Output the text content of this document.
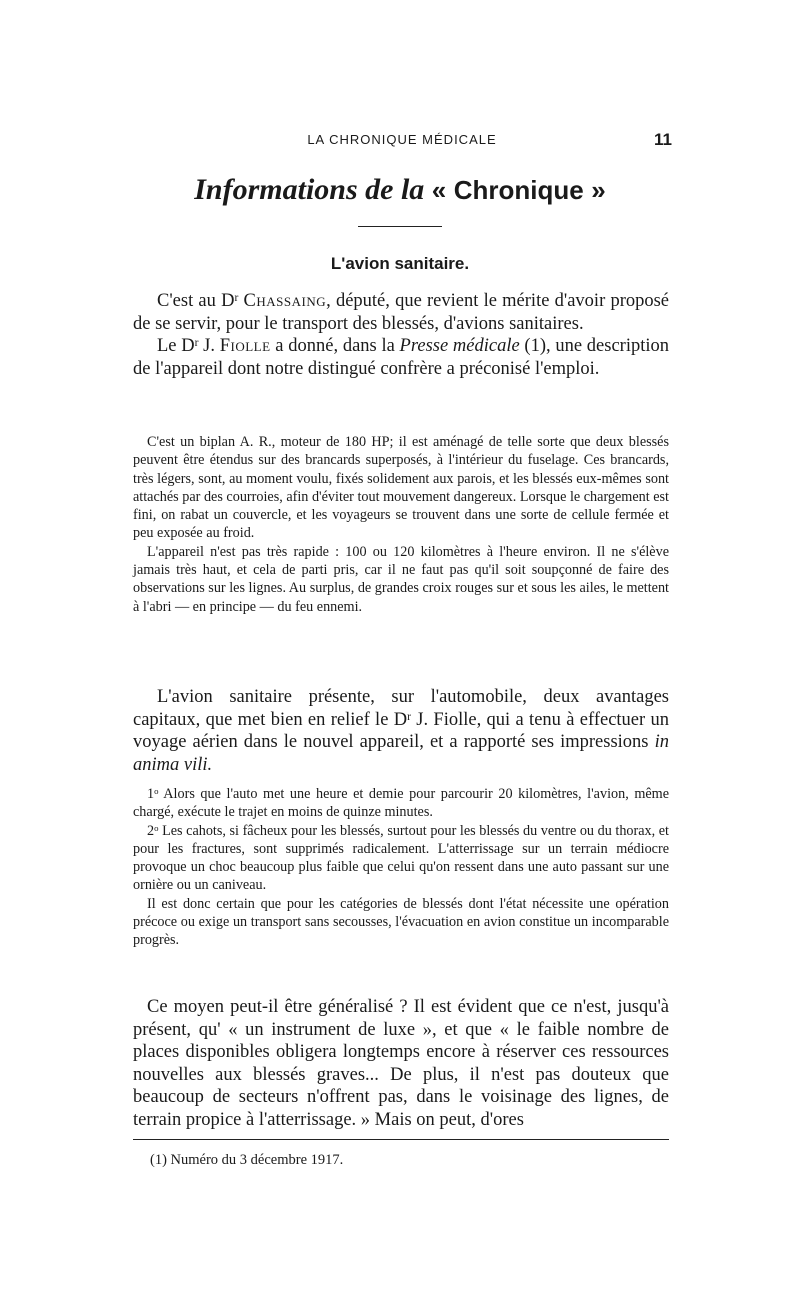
LA CHRONIQUE MÉDICALE	11
Informations de la « Chronique »
L'avion sanitaire.

C'est au $D^r$ Chassaing, député, que revient le mérite d'avoir proposé de se servir, pour le transport des blessés, d'avions sanitaires.

Le $D^r$ J. Fiolle a donné, dans la Presse médicale (1), une description de l'appareil dont notre distingué confrère a préconisé l'emploi.

C'est un biplan A. R., moteur de 180 HP; il est aménagé de telle sorte que deux blessés peuvent être étendus sur des brancards superposés, à l'intérieur du fuselage. Ces brancards, très légers, sont, au moment voulu, fixés solidement aux parois, et les blessés eux-mêmes sont attachés par des courroies, afin d'éviter tout mouvement dangereux. Lorsque le chargement est fini, on rabat un couvercle, et les voyageurs se trouvent dans une sorte de cellule fermée et peu exposée au froid.

L'appareil n'est pas très rapide : 100 ou 120 kilomètres à l'heure environ. Il ne s'élève jamais très haut, et cela de parti pris, car il ne faut pas qu'il soit soupçonné de faire des observations sur les lignes. Au surplus, de grandes croix rouges sur et sous les ailes, le mettent à l'abri — en principe — du feu ennemi.

L'avion sanitaire présente, sur l'automobile, deux avantages capitaux, que met bien en relief le $D^r$ J. Fiolle, qui a tenu à effectuer un voyage aérien dans le nouvel appareil, et a rapporté ses impressions in anima vili.

1$^o$ Alors que l'auto met une heure et demie pour parcourir 20 kilomètres, l'avion, même chargé, exécute le trajet en moins de quinze minutes.

2$^o$ Les cahots, si fâcheux pour les blessés, surtout pour les blessés du ventre ou du thorax, et pour les fractures, sont supprimés radicalement. L'atterrissage sur un terrain médiocre provoque un choc beaucoup plus faible que celui qu'on ressent dans une auto passant sur une ornière ou un caniveau.

Il est donc certain que pour les catégories de blessés dont l'état nécessite une opération précoce ou exige un transport sans secousses, l'évacuation en avion constitue un incomparable progrès.

Ce moyen peut-il être généralisé ? Il est évident que ce n'est, jusqu'à présent, qu' « un instrument de luxe », et que « le faible nombre de places disponibles obligera longtemps encore à réserver ces ressources nouvelles aux blessés graves... De plus, il n'est pas douteux que beaucoup de secteurs n'offrent pas, dans le voisinage des lignes, de terrain propice à l'atterrissage. » Mais on peut, d'ores

(1) Numéro du 3 décembre 1917.
